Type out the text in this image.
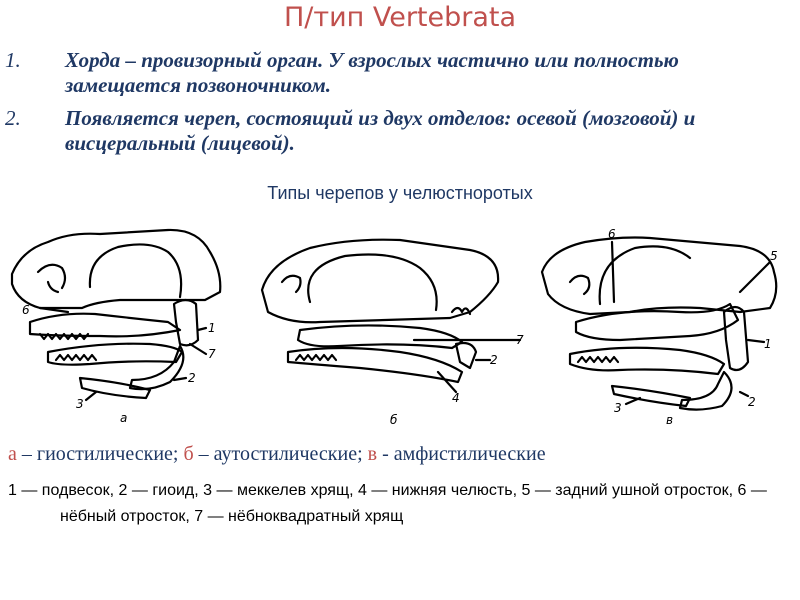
П/тип Vertebrata
1. Хорда – провизорный орган. У взрослых частично или полностью замещается позвоночником.
2. Появляется череп, состоящий из двух отделов: осевой (мозговой) и висцеральный (лицевой).
Типы черепов у челюстноротых
6
1
7
2
3
а
7
2
4
б
6
5
1
2
3
в
а – гиостилические; б – аутостилические; в - амфистилические
1 — подвесок, 2 — гиоид, 3 — меккелев хрящ, 4 — нижняя челюсть, 5 — задний ушной отросток, 6 — нёбный отросток, 7 — нёбноквадратный хрящ
